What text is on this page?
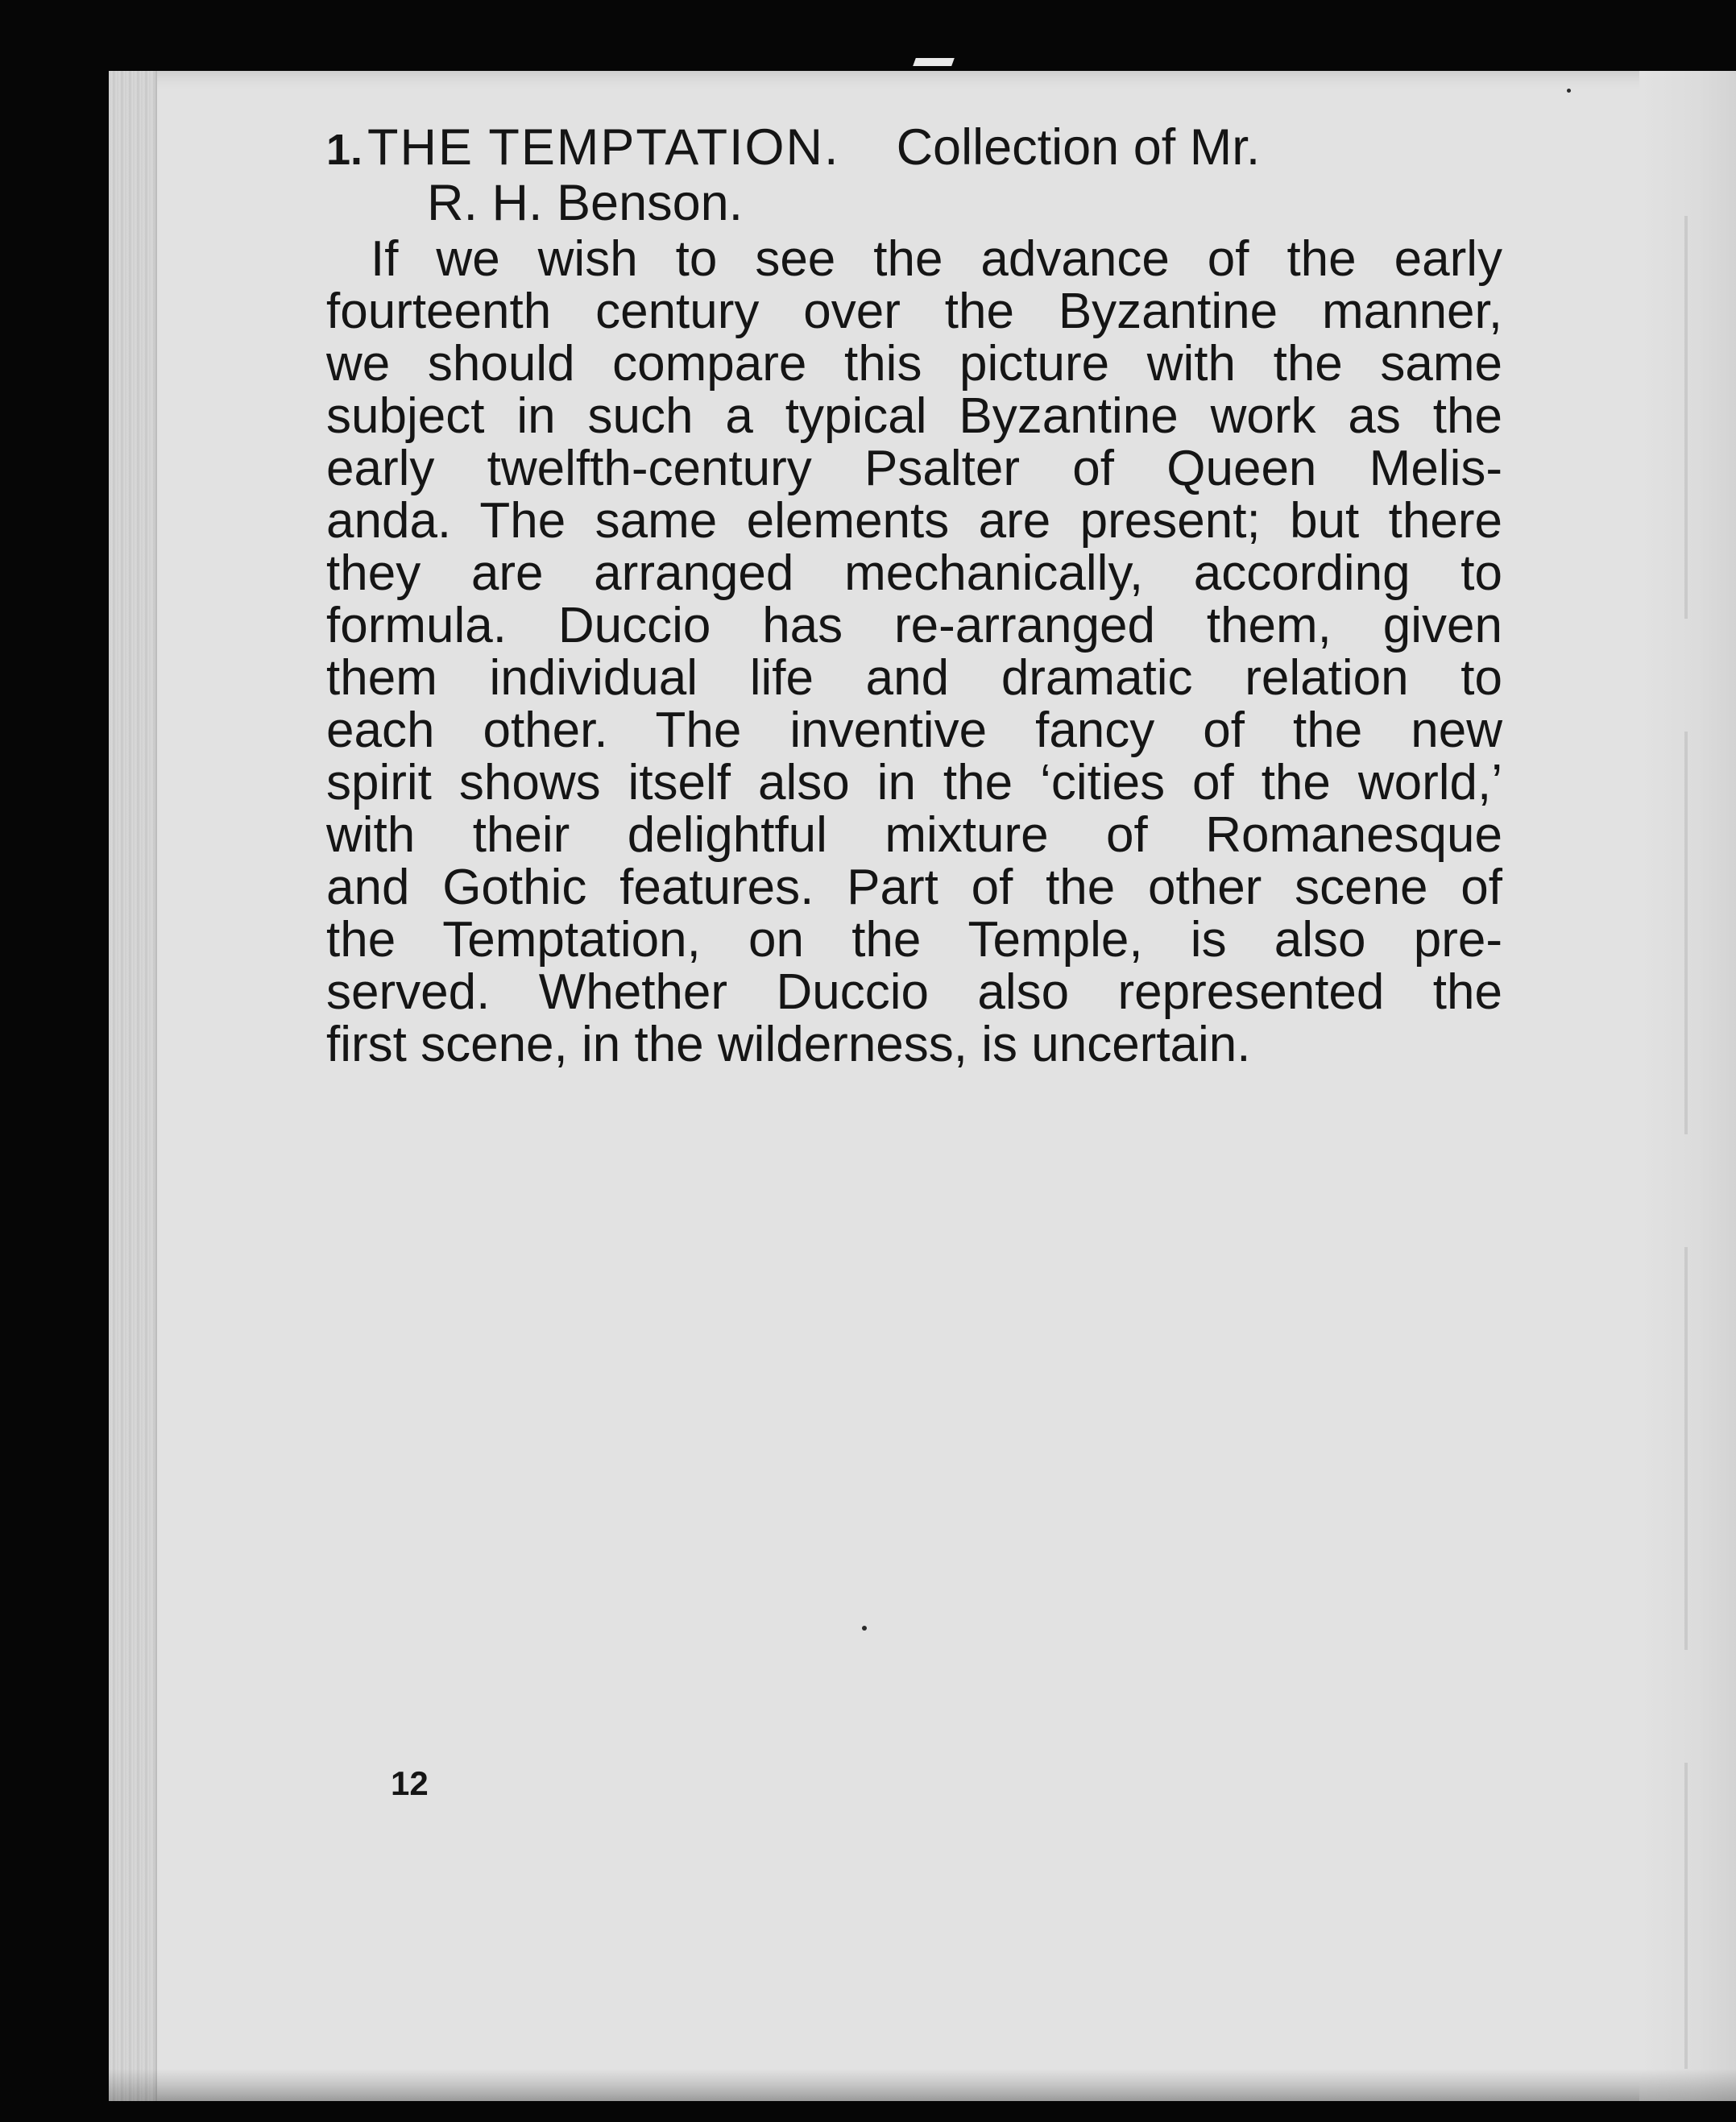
1.THE TEMPTATION. Collection of Mr.

R. H. Benson.

If we wish to see the advance of the early
fourteenth century over the Byzantine manner,
we should compare this picture with the same
subject in such a typical Byzantine work as the
early twelfth-century Psalter of Queen Melis-
anda. The same elements are present; but there
they are arranged mechanically, according to
formula. Duccio has re-arranged them, given
them individual life and dramatic relation to
each other. The inventive fancy of the new
spirit shows itself also in the ‘cities of the world,’
with their delightful mixture of Romanesque
and Gothic features. Part of the other scene of
the Temptation, on the Temple, is also pre-
served. Whether Duccio also represented the
first scene, in the wilderness, is uncertain.
12
